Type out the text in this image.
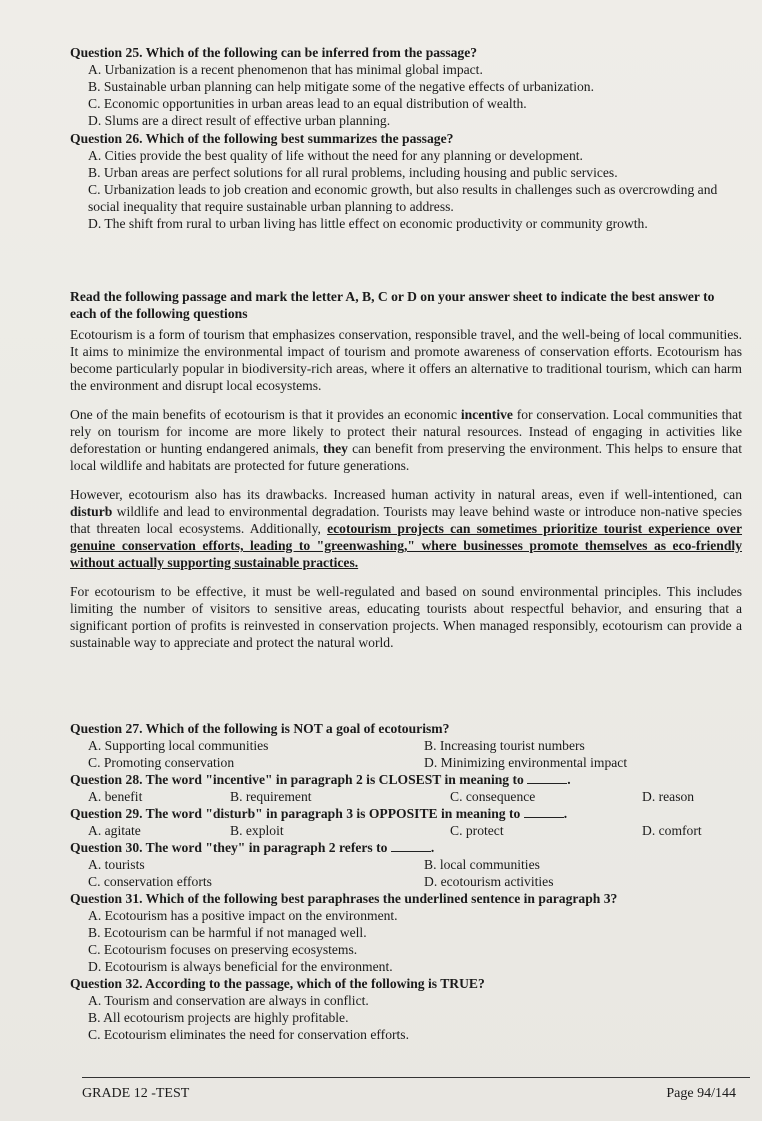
Question 25. Which of the following can be inferred from the passage?
A. Urbanization is a recent phenomenon that has minimal global impact.
B. Sustainable urban planning can help mitigate some of the negative effects of urbanization.
C. Economic opportunities in urban areas lead to an equal distribution of wealth.
D. Slums are a direct result of effective urban planning.
Question 26. Which of the following best summarizes the passage?
A. Cities provide the best quality of life without the need for any planning or development.
B. Urban areas are perfect solutions for all rural problems, including housing and public services.
C. Urbanization leads to job creation and economic growth, but also results in challenges such as overcrowding and social inequality that require sustainable urban planning to address.
D. The shift from rural to urban living has little effect on economic productivity or community growth.
Read the following passage and mark the letter A, B, C or D on your answer sheet to indicate the best answer to each of the following questions

Ecotourism is a form of tourism that emphasizes conservation, responsible travel, and the well-being of local communities. It aims to minimize the environmental impact of tourism and promote awareness of conservation efforts. Ecotourism has become particularly popular in biodiversity-rich areas, where it offers an alternative to traditional tourism, which can harm the environment and disrupt local ecosystems.

One of the main benefits of ecotourism is that it provides an economic incentive for conservation. Local communities that rely on tourism for income are more likely to protect their natural resources. Instead of engaging in activities like deforestation or hunting endangered animals, they can benefit from preserving the environment. This helps to ensure that local wildlife and habitats are protected for future generations.

However, ecotourism also has its drawbacks. Increased human activity in natural areas, even if well-intentioned, can disturb wildlife and lead to environmental degradation. Tourists may leave behind waste or introduce non-native species that threaten local ecosystems. Additionally, ecotourism projects can sometimes prioritize tourist experience over genuine conservation efforts, leading to "greenwashing," where businesses promote themselves as eco-friendly without actually supporting sustainable practices.

For ecotourism to be effective, it must be well-regulated and based on sound environmental principles. This includes limiting the number of visitors to sensitive areas, educating tourists about respectful behavior, and ensuring that a significant portion of profits is reinvested in conservation projects. When managed responsibly, ecotourism can provide a sustainable way to appreciate and protect the natural world.

Question 27. Which of the following is NOT a goal of ecotourism?
A. Supporting local communities	B. Increasing tourist numbers
C. Promoting conservation	D. Minimizing environmental impact
Question 28. The word "incentive" in paragraph 2 is CLOSEST in meaning to	.
A. benefit	B. requirement	C. consequence	D. reason
Question 29. The word "disturb" in paragraph 3 is OPPOSITE in meaning to	.
A. agitate	B. exploit	C. protect	D. comfort
Question 30. The word "they" in paragraph 2 refers to	.
A. tourists	B. local communities
C. conservation efforts	D. ecotourism activities
Question 31. Which of the following best paraphrases the underlined sentence in paragraph 3?
A. Ecotourism has a positive impact on the environment.
B. Ecotourism can be harmful if not managed well.
C. Ecotourism focuses on preserving ecosystems.
D. Ecotourism is always beneficial for the environment.
Question 32. According to the passage, which of the following is TRUE?
A. Tourism and conservation are always in conflict.
B. All ecotourism projects are highly profitable.
C. Ecotourism eliminates the need for conservation efforts.
GRADE 12 -TEST	Page 94/144
